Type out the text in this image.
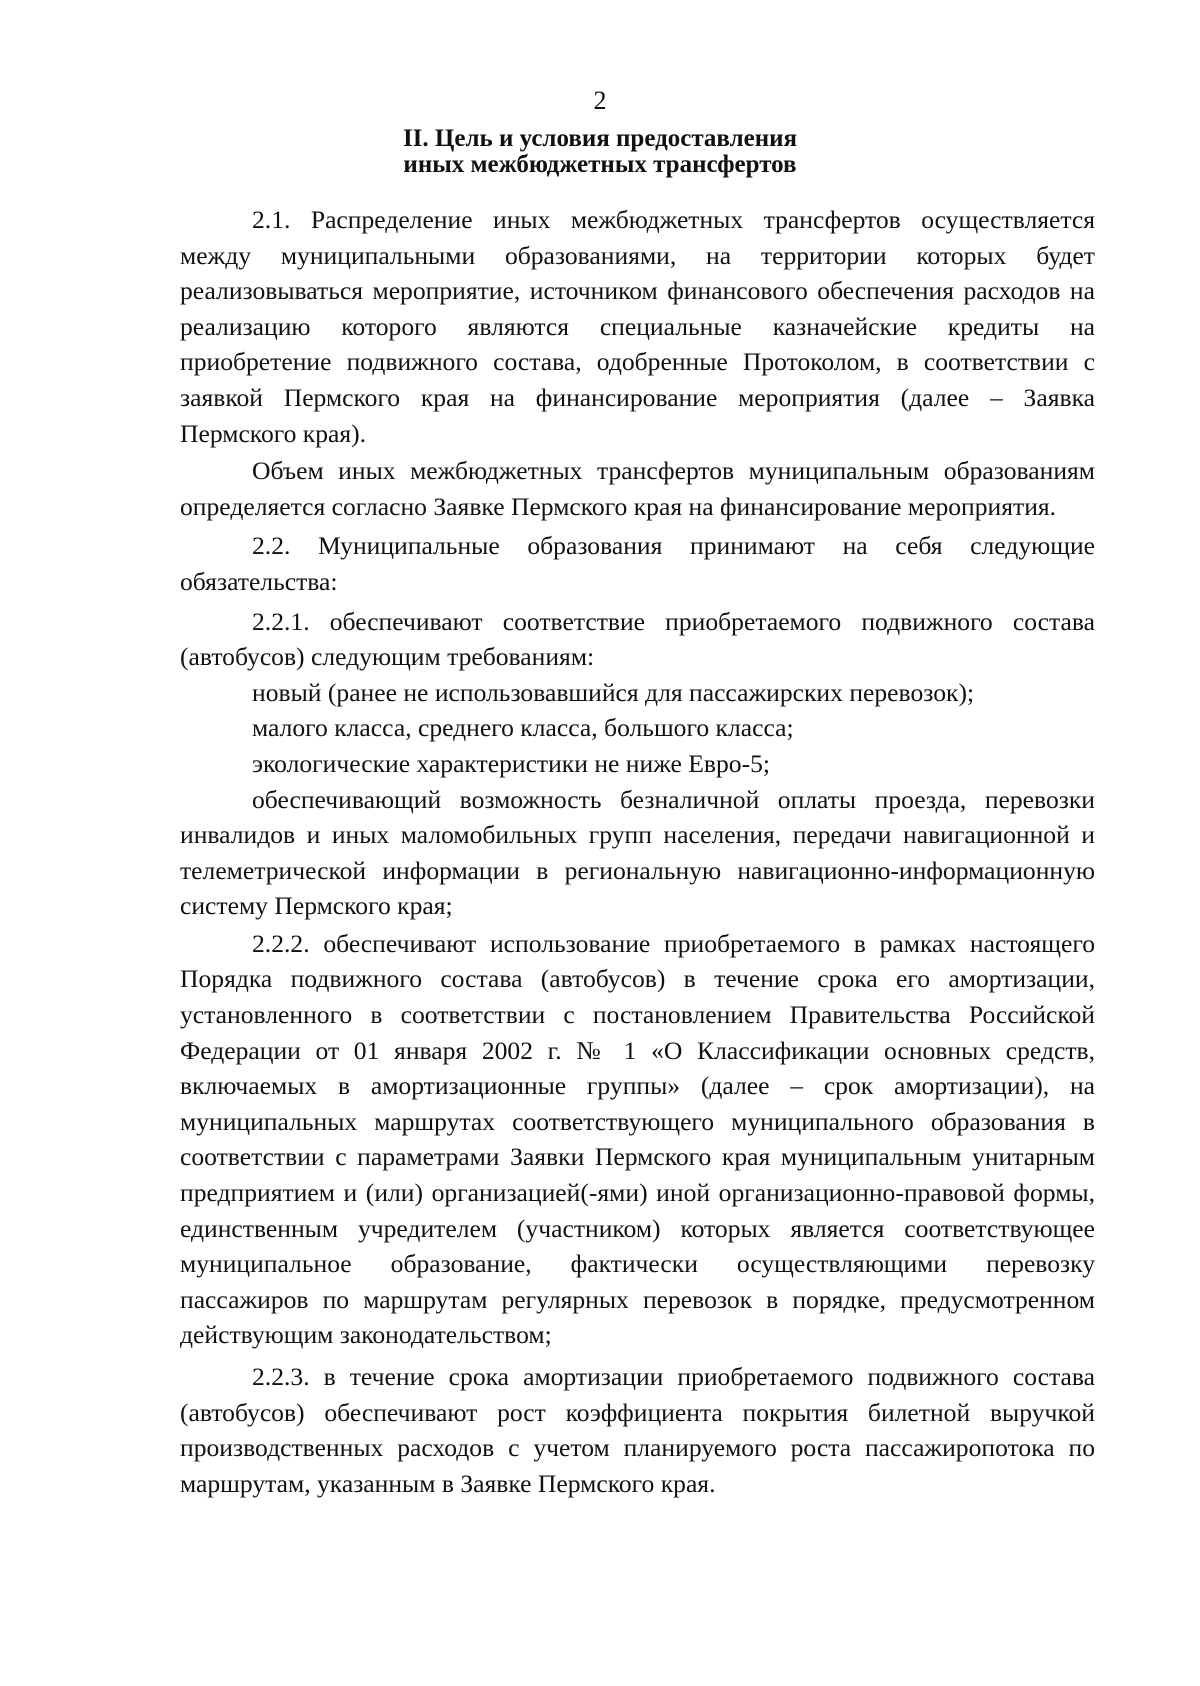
2
II. Цель и условия предоставления
иных межбюджетных трансфертов

2.1. Распределение иных межбюджетных трансфертов осуществляется между муниципальными образованиями, на территории которых будет реализовываться мероприятие, источником финансового обеспечения расходов на реализацию которого являются специальные казначейские кредиты на приобретение подвижного состава, одобренные Протоколом, в соответствии с заявкой Пермского края на финансирование мероприятия (далее – Заявка Пермского края).

Объем иных межбюджетных трансфертов муниципальным образованиям определяется согласно Заявке Пермского края на финансирование мероприятия.

2.2. Муниципальные образования принимают на себя следующие обязательства:

2.2.1. обеспечивают соответствие приобретаемого подвижного состава (автобусов) следующим требованиям:

новый (ранее не использовавшийся для пассажирских перевозок);

малого класса, среднего класса, большого класса;

экологические характеристики не ниже Евро-5;

обеспечивающий возможность безналичной оплаты проезда, перевозки инвалидов и иных маломобильных групп населения, передачи навигационной и телеметрической информации в региональную навигационно-информационную систему Пермского края;

2.2.2. обеспечивают использование приобретаемого в рамках настоящего Порядка подвижного состава (автобусов) в течение срока его амортизации, установленного в соответствии с постановлением Правительства Российской Федерации от 01 января 2002 г. № 1 «О Классификации основных средств, включаемых в амортизационные группы» (далее – срок амортизации), на муниципальных маршрутах соответствующего муниципального образования в соответствии с параметрами Заявки Пермского края муниципальным унитарным предприятием и (или) организацией(-ями) иной организационно-правовой формы, единственным учредителем (участником) которых является соответствующее муниципальное образование, фактически осуществляющими перевозку пассажиров по маршрутам регулярных перевозок в порядке, предусмотренном действующим законодательством;

2.2.3. в течение срока амортизации приобретаемого подвижного состава (автобусов) обеспечивают рост коэффициента покрытия билетной выручкой производственных расходов с учетом планируемого роста пассажиропотока по маршрутам, указанным в Заявке Пермского края.
